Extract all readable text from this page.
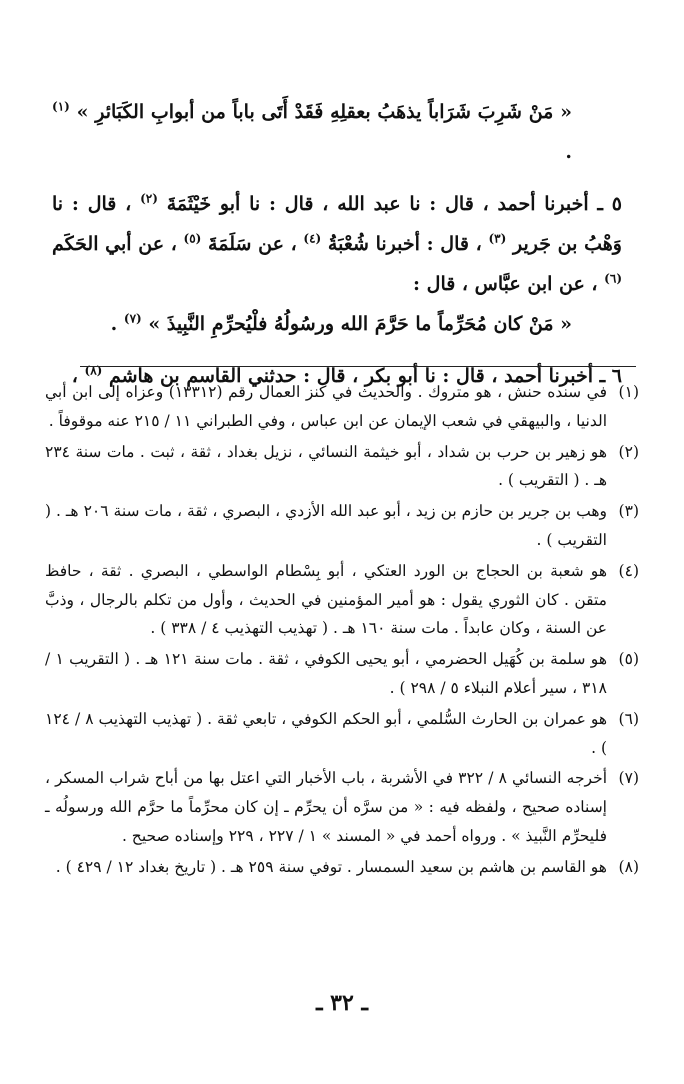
« مَنْ شَرِبَ شَرَاباً يذهَبُ بعقلِهِ فَقَدْ أَتَى باباً من أبوابِ الكَبَائرِ » $^{(١)}$ .

٥ ـ أخبرنا أحمد ، قال : نا عبد الله ، قال : نا أبو خَيْثَمَةَ $^{(٢)}$ ، قال : نا وَهْبُ بن جَرير $^{(٣)}$ ، قال : أخبرنا شُعْبَةُ $^{(٤)}$ ، عن سَلَمَةَ $^{(٥)}$ ، عن أبي الحَكَم $^{(٦)}$ ، عن ابن عبَّاس ، قال :

« مَنْ كان مُحَرِّماً ما حَرَّمَ الله ورسُولُهُ فلْيُحرِّمِ النَّبِيذَ » $^{(٧)}$ .

٦ ـ أخبرنا أحمد ، قال : نا أبو بكر ، قال : حدثني القاسم بن هاشم $^{(٨)}$ ،

(١)
في سنده حنش ، هو متروك . والحديث في كنز العمال رقم (١٣٣١٢) وعزاه إلى ابن أبي الدنيا ، والبيهقي في شعب الإيمان عن ابن عباس ، وفي الطبراني ١١ / ٢١٥ عنه موقوفاً .
(٢)
هو زهير بن حرب بن شداد ، أبو خيثمة النسائي ، نزيل بغداد ، ثقة ، ثبت . مات سنة ٢٣٤ هـ . ( التقريب ) .
(٣)
وهب بن جرير بن حازم بن زيد ، أبو عبد الله الأزدي ، البصري ، ثقة ، مات سنة ٢٠٦ هـ . ( التقريب ) .
(٤)
هو شعبة بن الحجاج بن الورد العتكي ، أبو بِسْطام الواسطي ، البصري . ثقة ، حافظ متقن . كان الثوري يقول : هو أمير المؤمنين في الحديث ، وأول من تكلم بالرجال ، وذبَّ عن السنة ، وكان عابداً . مات سنة ١٦٠ هـ . ( تهذيب التهذيب ٤ / ٣٣٨ ) .
(٥)
هو سلمة بن كُهَيل الحضرمي ، أبو يحيى الكوفي ، ثقة . مات سنة ١٢١ هـ . ( التقريب ١ / ٣١٨ ، سير أعلام النبلاء ٥ / ٢٩٨ ) .
(٦)
هو عمران بن الحارث السُّلمي ، أبو الحكم الكوفي ، تابعي ثقة . ( تهذيب التهذيب ٨ / ١٢٤ ) .
(٧)
أخرجه النسائي ٨ / ٣٢٢ في الأشربة ، باب الأخبار التي اعتل بها من أباح شراب المسكر ، إسناده صحيح ، ولفظه فيه : « من سرَّه أن يحرِّم ـ إن كان محرِّماً ما حرَّم الله ورسولُه ـ فليحرِّم النَّبيذ » . ورواه أحمد في « المسند » ١ / ٢٢٧ ، ٢٢٩ وإسناده صحيح .
(٨)
هو القاسم بن هاشم بن سعيد السمسار . توفي سنة ٢٥٩ هـ . ( تاريخ بغداد ١٢ / ٤٢٩ ) .
ـ ٣٢ ـ
